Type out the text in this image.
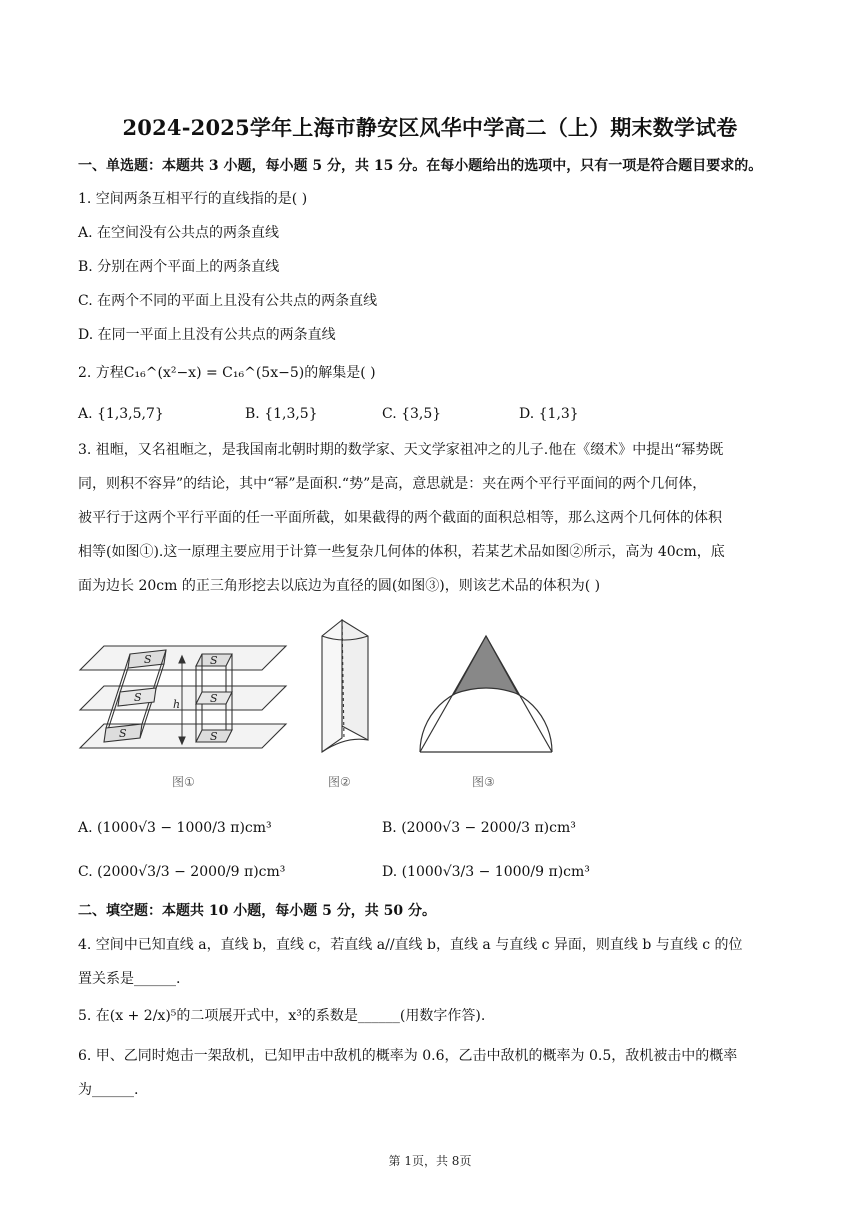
2024-2025学年上海市静安区风华中学高二（上）期末数学试卷
一、单选题：本题共 3 小题，每小题 5 分，共 15 分。在每小题给出的选项中，只有一项是符合题目要求的。
1. 空间两条互相平行的直线指的是( )
A. 在空间没有公共点的两条直线
B. 分别在两个平面上的两条直线
C. 在两个不同的平面上且没有公共点的两条直线
D. 在同一平面上且没有公共点的两条直线
2. 方程C₁₆^(x²−x) = C₁₆^(5x−5)的解集是( )
A. {1,3,5,7}	B. {1,3,5}	C. {3,5}	D. {1,3}
3. 祖暅，又名祖暅之，是我国南北朝时期的数学家、天文学家祖冲之的儿子.他在《缀术》中提出“幂势既
同，则积不容异”的结论，其中“幂”是面积.“势”是高，意思就是：夹在两个平行平面间的两个几何体，
被平行于这两个平行平面的任一平面所截，如果截得的两个截面的面积总相等，那么这两个几何体的体积
相等(如图①).这一原理主要应用于计算一些复杂几何体的体积，若某艺术品如图②所示，高为 40cm，底
面为边长 20cm 的正三角形挖去以底边为直径的圆(如图③)，则该艺术品的体积为( )
S
S
S
S
S
S
h
图①	图②	图③
A. (1000√3 − 1000/3 π)cm³	B. (2000√3 − 2000/3 π)cm³
C. (2000√3/3 − 2000/9 π)cm³	D. (1000√3/3 − 1000/9 π)cm³
二、填空题：本题共 10 小题，每小题 5 分，共 50 分。
4. 空间中已知直线 a，直线 b，直线 c，若直线 a//直线 b，直线 a 与直线 c 异面，则直线 b 与直线 c 的位
置关系是______.
5. 在(x + 2/x)⁵的二项展开式中，x³的系数是______(用数字作答).
6. 甲、乙同时炮击一架敌机，已知甲击中敌机的概率为 0.6，乙击中敌机的概率为 0.5，敌机被击中的概率
为______.
第 1页，共 8页
